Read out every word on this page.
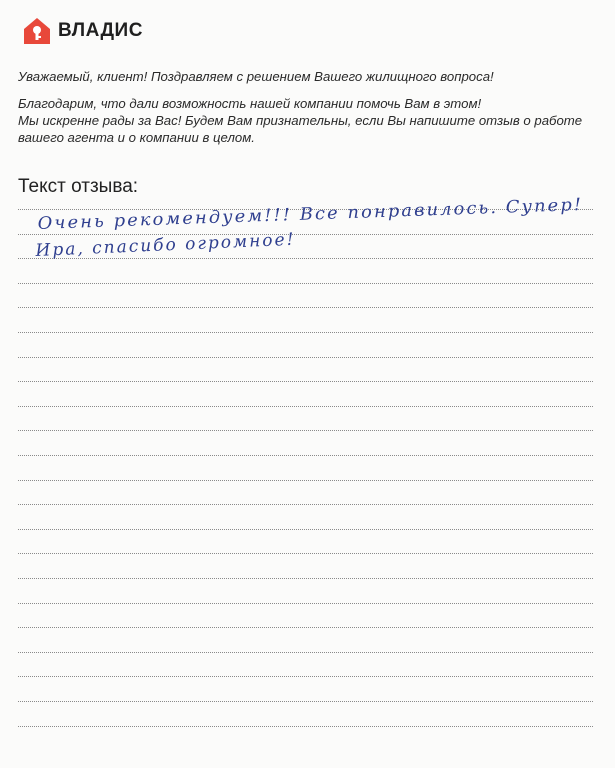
ВЛАДИС

Уважаемый, клиент! Поздравляем с решением Вашего жилищного вопроса!

Благодарим, что дали возможность нашей компании помочь Вам в этом!

Мы искренне рады за Вас! Будем Вам признательны, если Вы напишите отзыв о работе

вашего агента и о компании в целом.

Текст отзыва:
Очень рекомендуем!!! Все понравилось. Супер!
Ира, спасибо огромное!
